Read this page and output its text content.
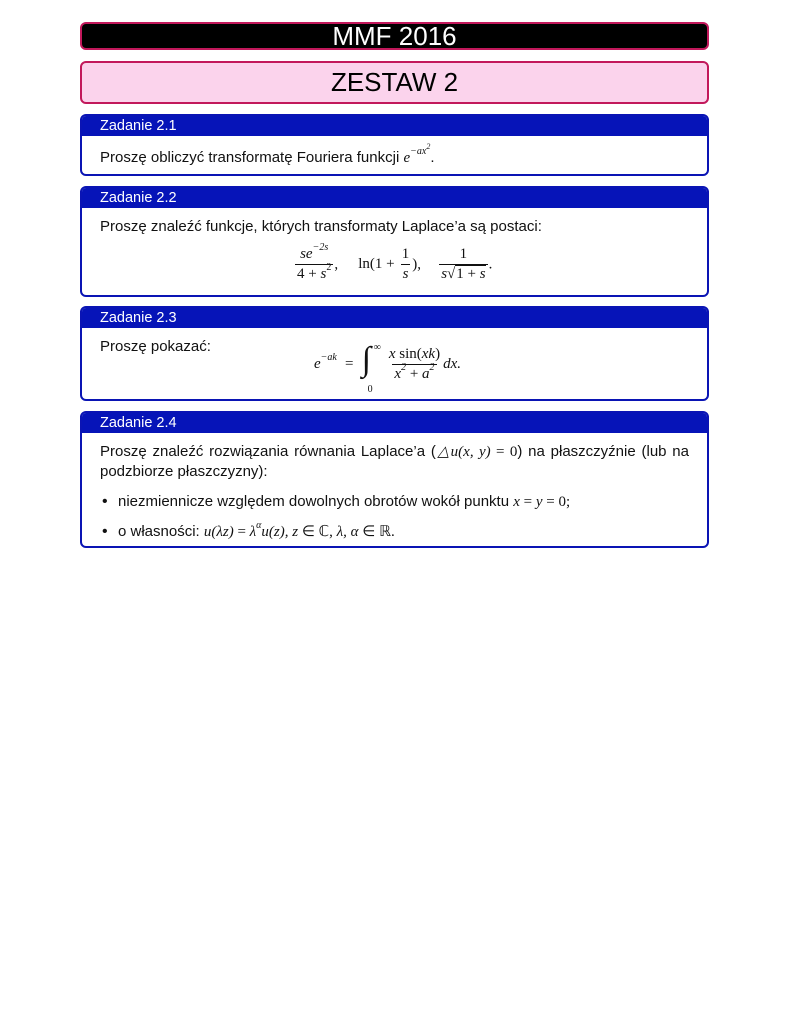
MMF 2016
ZESTAW 2
Zadanie 2.1
Proszę obliczyć transformatę Fouriera funkcji $e^{-ax^2}$.
Zadanie 2.2
Proszę znaleźć funkcje, których transformaty Laplace’a są postaci:
$\frac{se^{-2s}}{4 + s^2}$ , $\ln(1 + \frac{1}{s}$ ), $\frac{1}{s√1 + s}$ .
Zadanie 2.3
Proszę pokazać:
$e^{-ak}$ = ∫ ∞
0

$\frac{\text{x sin(xk)}}{x^2 + a^2}$ dx.
Zadanie 2.4
Proszę znaleźć rozwiązania równania Laplace’a (△u(x, y) = 0) na płaszczyźnie (lub na podzbiorze płaszczyzny):
• niezmiennicze względem dowolnych obrotów wokół punktu x = y = 0;
• o własności: $u(\lambda z) = \lambda^\alpha u(z)$, z ∈ ℂ, λ, α ∈ ℝ.
